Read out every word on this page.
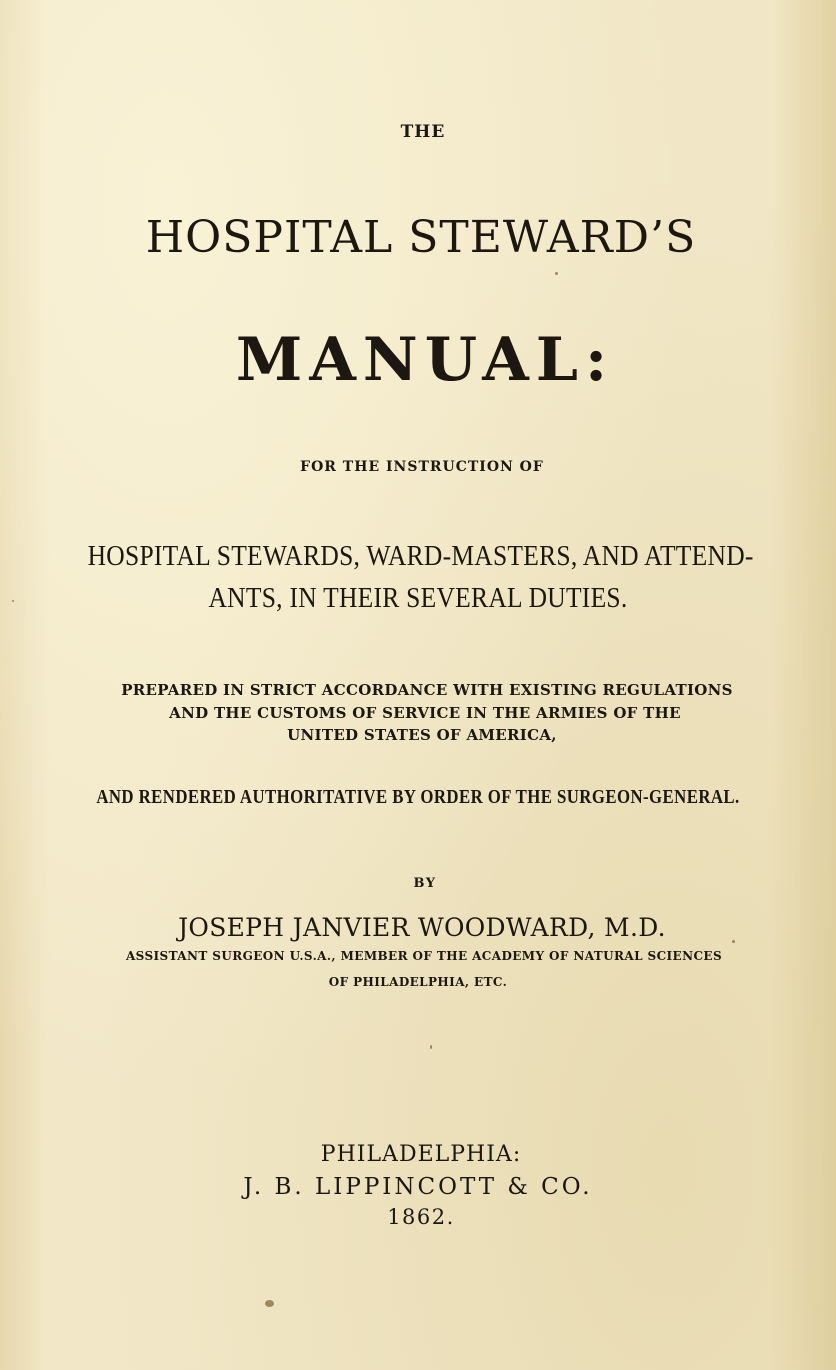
THE
HOSPITAL STEWARD’S
MANUAL:
FOR THE INSTRUCTION OF
HOSPITAL STEWARDS, WARD-MASTERS, AND ATTEND-
ANTS, IN THEIR SEVERAL DUTIES.
PREPARED IN STRICT ACCORDANCE WITH EXISTING REGULATIONS
AND THE CUSTOMS OF SERVICE IN THE ARMIES OF THE
UNITED STATES OF AMERICA,
AND RENDERED AUTHORITATIVE BY ORDER OF THE SURGEON-GENERAL.
BY
JOSEPH JANVIER WOODWARD, M.D.
ASSISTANT SURGEON U.S.A., MEMBER OF THE ACADEMY OF NATURAL SCIENCES
OF PHILADELPHIA, ETC.
PHILADELPHIA:
J. B. LIPPINCOTT & CO.
1862.
